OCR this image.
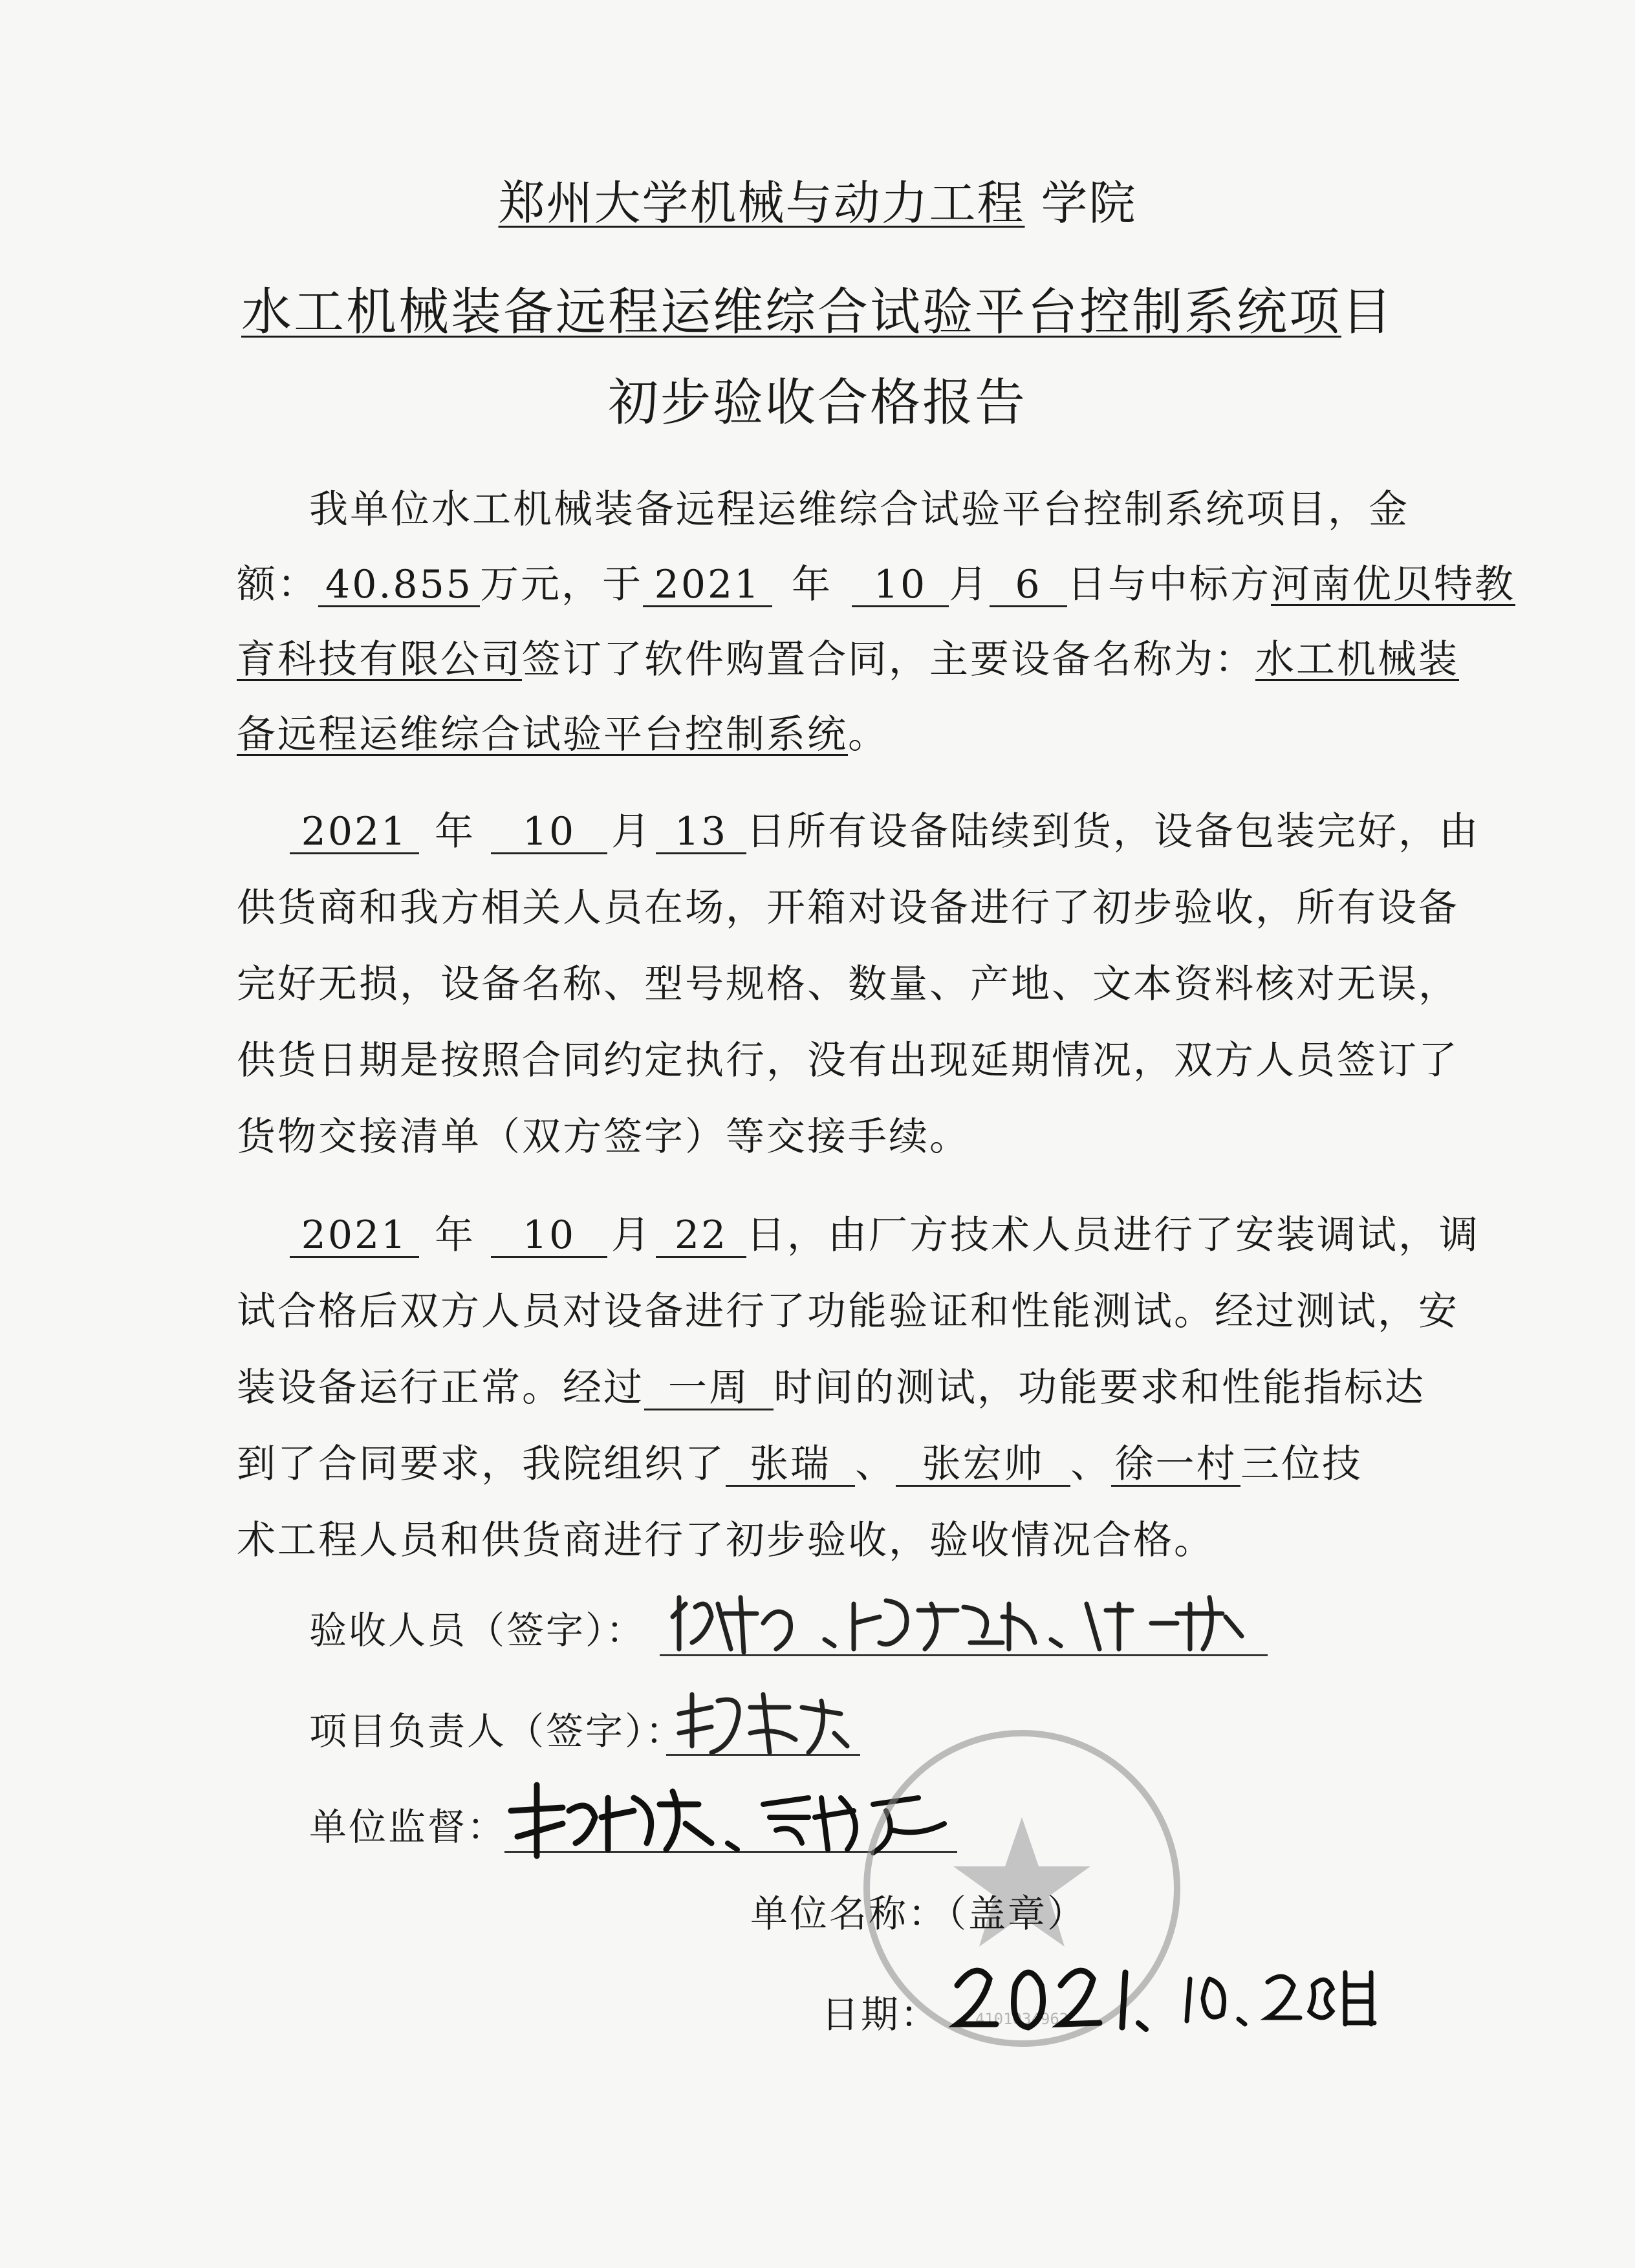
郑州大学机械与动力工程 学院
水工机械装备远程运维综合试验平台控制系统项目
初步验收合格报告
我单位水工机械装备远程运维综合试验平台控制系统项目，金
额： 40.855 万元，于 2021 年 10 月 6 日与中标方河南优贝特教
育科技有限公司签订了软件购置合同，主要设备名称为：水工机械装
备远程运维综合试验平台控制系统。
2021 年 10 月 13 日所有设备陆续到货，设备包装完好，由
供货商和我方相关人员在场，开箱对设备进行了初步验收，所有设备
完好无损，设备名称、型号规格、数量、产地、文本资料核对无误，
供货日期是按照合同约定执行，没有出现延期情况，双方人员签订了
货物交接清单（双方签字）等交接手续。
2021 年 10 月 22 日，由厂方技术人员进行了安装调试，调
试合格后双方人员对设备进行了功能验证和性能测试。经过测试，安
装设备运行正常。经过 一周 时间的测试，功能要求和性能指标达
到了合同要求，我院组织了 张瑞 、 张宏帅 、徐一村三位技
术工程人员和供货商进行了初步验收，验收情况合格。
验收人员（签字）：
项目负责人（签字）：
单位监督：
4101034962
单位名称：（盖章）
日期：
